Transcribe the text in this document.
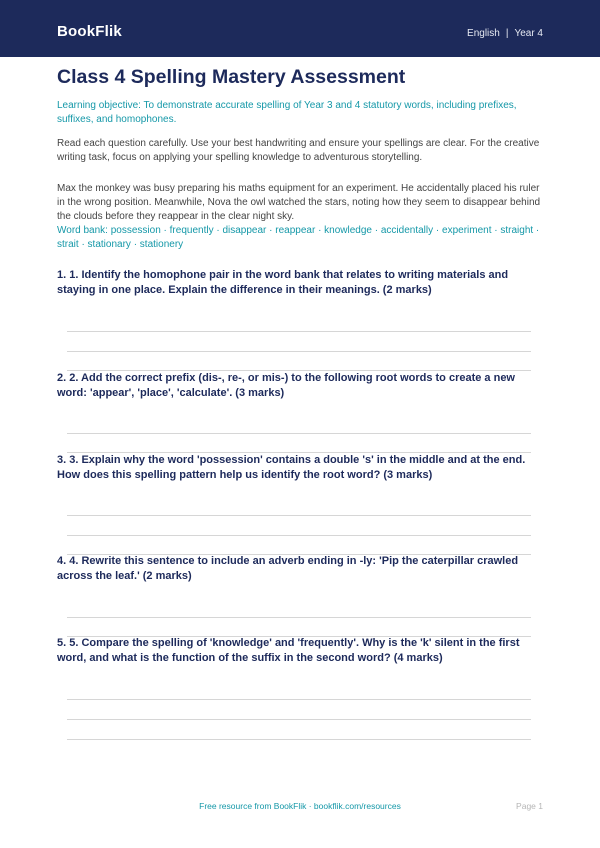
BookFlik	English | Year 4
Class 4 Spelling Mastery Assessment
Learning objective: To demonstrate accurate spelling of Year 3 and 4 statutory words, including prefixes, suffixes, and homophones.
Read each question carefully. Use your best handwriting and ensure your spellings are clear. For the creative writing task, focus on applying your spelling knowledge to adventurous storytelling.
Max the monkey was busy preparing his maths equipment for an experiment. He accidentally placed his ruler in the wrong position. Meanwhile, Nova the owl watched the stars, noting how they seem to disappear behind the clouds before they reappear in the clear night sky.
Word bank: possession · frequently · disappear · reappear · knowledge · accidentally · experiment · straight · strait · stationary · stationery
1. 1. Identify the homophone pair in the word bank that relates to writing materials and staying in one place. Explain the difference in their meanings. (2 marks)
2. 2. Add the correct prefix (dis-, re-, or mis-) to the following root words to create a new word: 'appear', 'place', 'calculate'. (3 marks)
3. 3. Explain why the word 'possession' contains a double 's' in the middle and at the end. How does this spelling pattern help us identify the root word? (3 marks)
4. 4. Rewrite this sentence to include an adverb ending in -ly: 'Pip the caterpillar crawled across the leaf.' (2 marks)
5. 5. Compare the spelling of 'knowledge' and 'frequently'. Why is the 'k' silent in the first word, and what is the function of the suffix in the second word? (4 marks)
Free resource from BookFlik · bookflik.com/resources	Page 1
